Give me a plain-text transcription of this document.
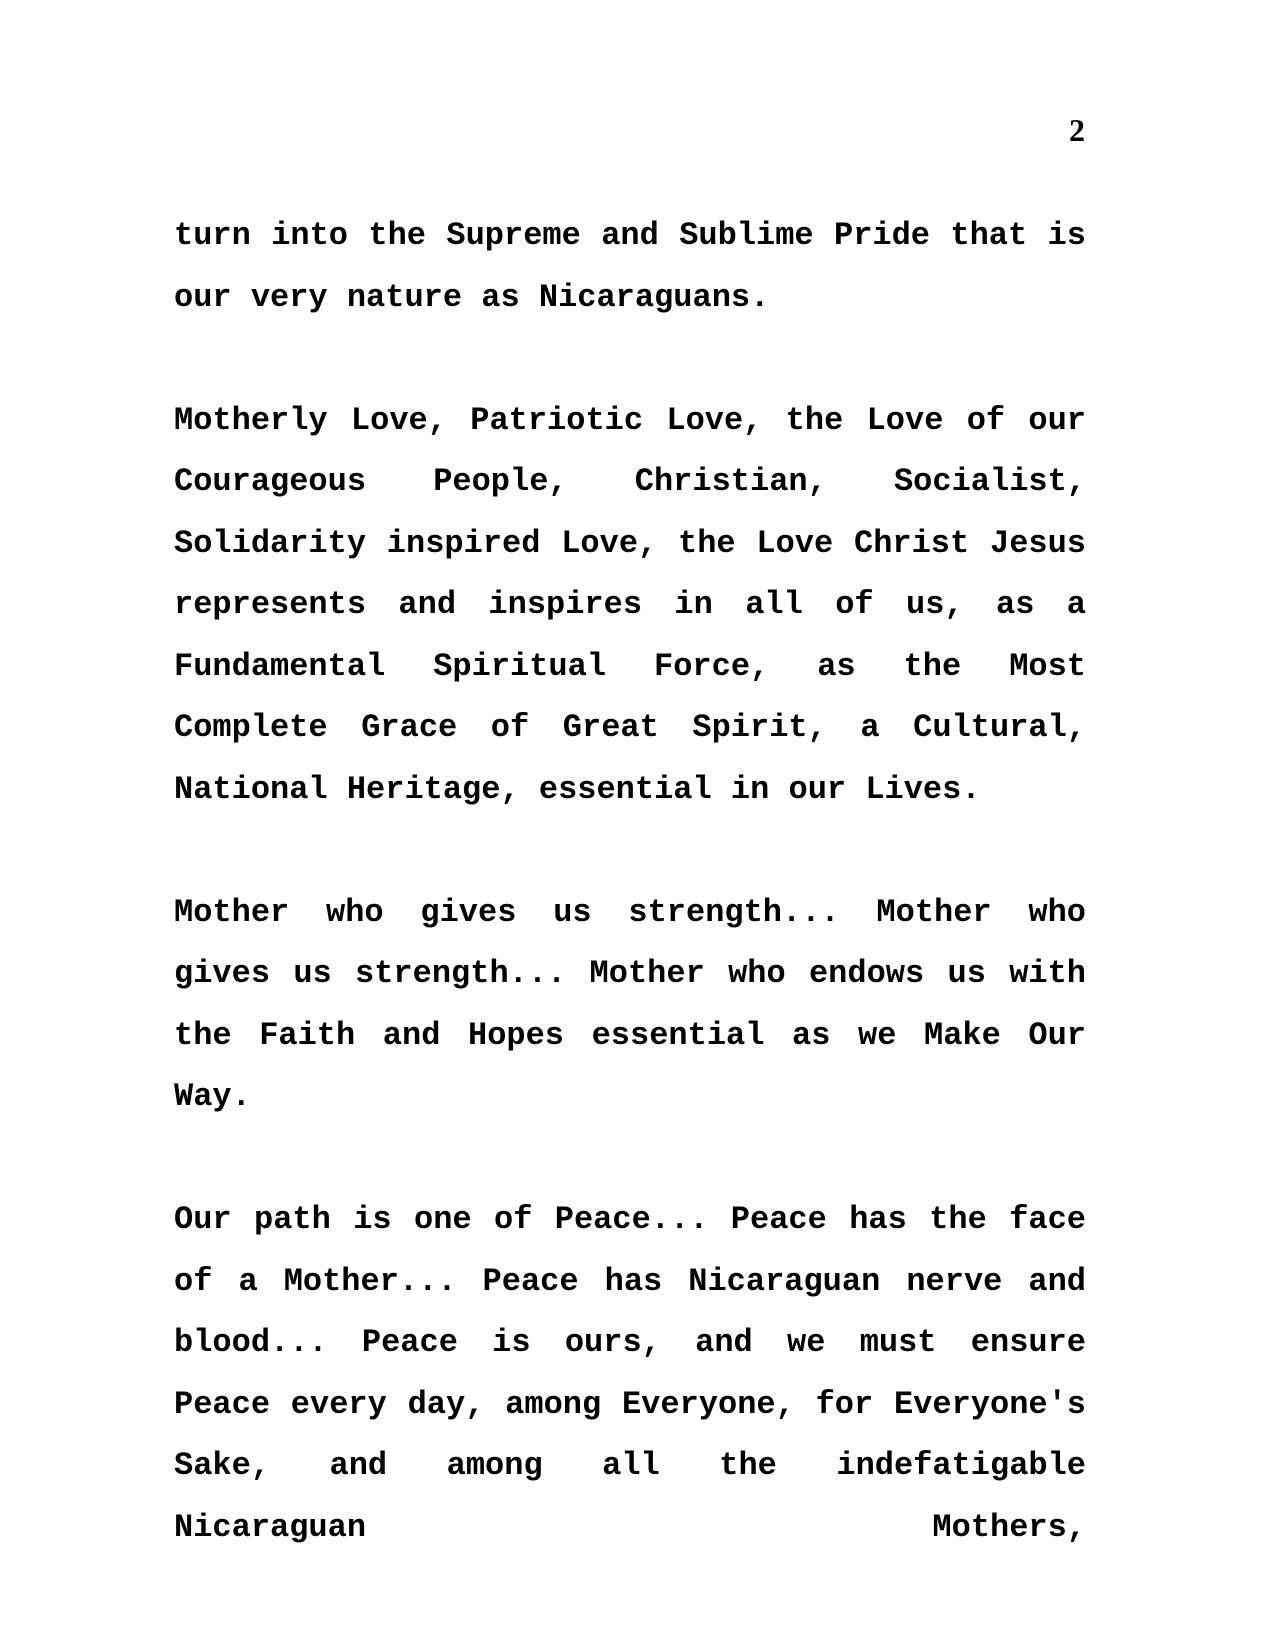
2

turn into the Supreme and Sublime Pride that is our very nature as Nicaraguans.

Motherly Love, Patriotic Love, the Love of our Courageous People, Christian, Socialist, Solidarity inspired Love, the Love Christ Jesus represents and inspires in all of us, as a Fundamental Spiritual Force, as the Most Complete Grace of Great Spirit, a Cultural, National Heritage, essential in our Lives.

Mother who gives us strength... Mother who gives us strength... Mother who endows us with the Faith and Hopes essential as we Make Our Way.

Our path is one of Peace... Peace has the face of a Mother... Peace has Nicaraguan nerve and blood... Peace is ours, and we must ensure Peace every day, among Everyone, for Everyone's Sake, and among all the indefatigable Nicaraguan Mothers,
